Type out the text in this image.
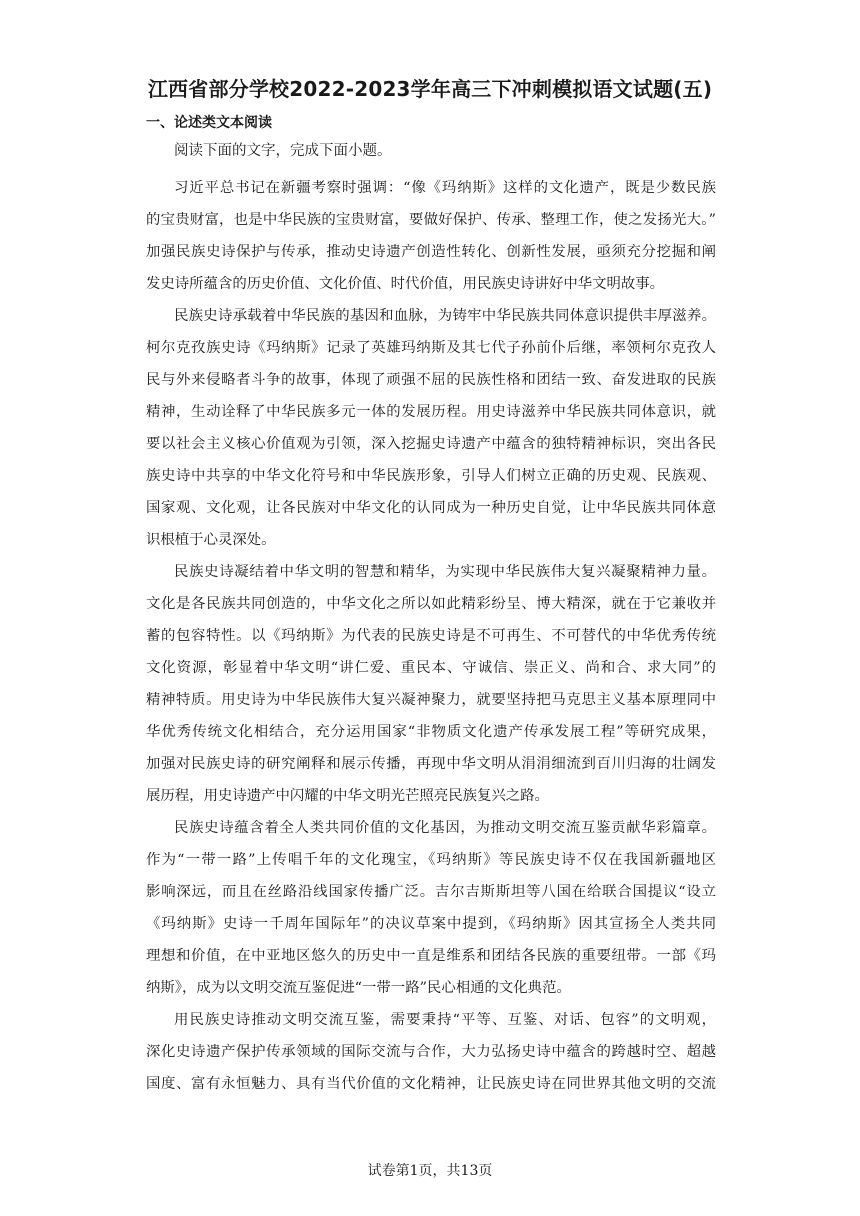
江西省部分学校2022-2023学年高三下冲刺模拟语文试题(五)
一、论述类文本阅读
阅读下面的文字，完成下面小题。
习近平总书记在新疆考察时强调：“像《玛纳斯》这样的文化遗产，既是少数民族
的宝贵财富，也是中华民族的宝贵财富，要做好保护、传承、整理工作，使之发扬光大。”
加强民族史诗保护与传承，推动史诗遗产创造性转化、创新性发展，亟须充分挖掘和阐
发史诗所蕴含的历史价值、文化价值、时代价值，用民族史诗讲好中华文明故事。
民族史诗承载着中华民族的基因和血脉，为铸牢中华民族共同体意识提供丰厚滋养。
柯尔克孜族史诗《玛纳斯》记录了英雄玛纳斯及其七代子孙前仆后继，率领柯尔克孜人
民与外来侵略者斗争的故事，体现了顽强不屈的民族性格和团结一致、奋发进取的民族
精神，生动诠释了中华民族多元一体的发展历程。用史诗滋养中华民族共同体意识，就
要以社会主义核心价值观为引领，深入挖掘史诗遗产中蕴含的独特精神标识，突出各民
族史诗中共享的中华文化符号和中华民族形象，引导人们树立正确的历史观、民族观、
国家观、文化观，让各民族对中华文化的认同成为一种历史自觉，让中华民族共同体意
识根植于心灵深处。
民族史诗凝结着中华文明的智慧和精华，为实现中华民族伟大复兴凝聚精神力量。
文化是各民族共同创造的，中华文化之所以如此精彩纷呈、博大精深，就在于它兼收并
蓄的包容特性。以《玛纳斯》为代表的民族史诗是不可再生、不可替代的中华优秀传统
文化资源，彰显着中华文明“讲仁爱、重民本、守诚信、崇正义、尚和合、求大同”的
精神特质。用史诗为中华民族伟大复兴凝神聚力，就要坚持把马克思主义基本原理同中
华优秀传统文化相结合，充分运用国家“非物质文化遗产传承发展工程”等研究成果，
加强对民族史诗的研究阐释和展示传播，再现中华文明从涓涓细流到百川归海的壮阔发
展历程，用史诗遗产中闪耀的中华文明光芒照亮民族复兴之路。
民族史诗蕴含着全人类共同价值的文化基因，为推动文明交流互鉴贡献华彩篇章。
作为“一带一路”上传唱千年的文化瑰宝，《玛纳斯》等民族史诗不仅在我国新疆地区
影响深远，而且在丝路沿线国家传播广泛。吉尔吉斯斯坦等八国在给联合国提议“设立
《玛纳斯》史诗一千周年国际年”的决议草案中提到，《玛纳斯》因其宣扬全人类共同
理想和价值，在中亚地区悠久的历史中一直是维系和团结各民族的重要纽带。一部《玛
纳斯》，成为以文明交流互鉴促进“一带一路”民心相通的文化典范。
用民族史诗推动文明交流互鉴，需要秉持“平等、互鉴、对话、包容”的文明观，
深化史诗遗产保护传承领域的国际交流与合作，大力弘扬史诗中蕴含的跨越时空、超越
国度、富有永恒魅力、具有当代价值的文化精神，让民族史诗在同世界其他文明的交流
试卷第1页，共13页
